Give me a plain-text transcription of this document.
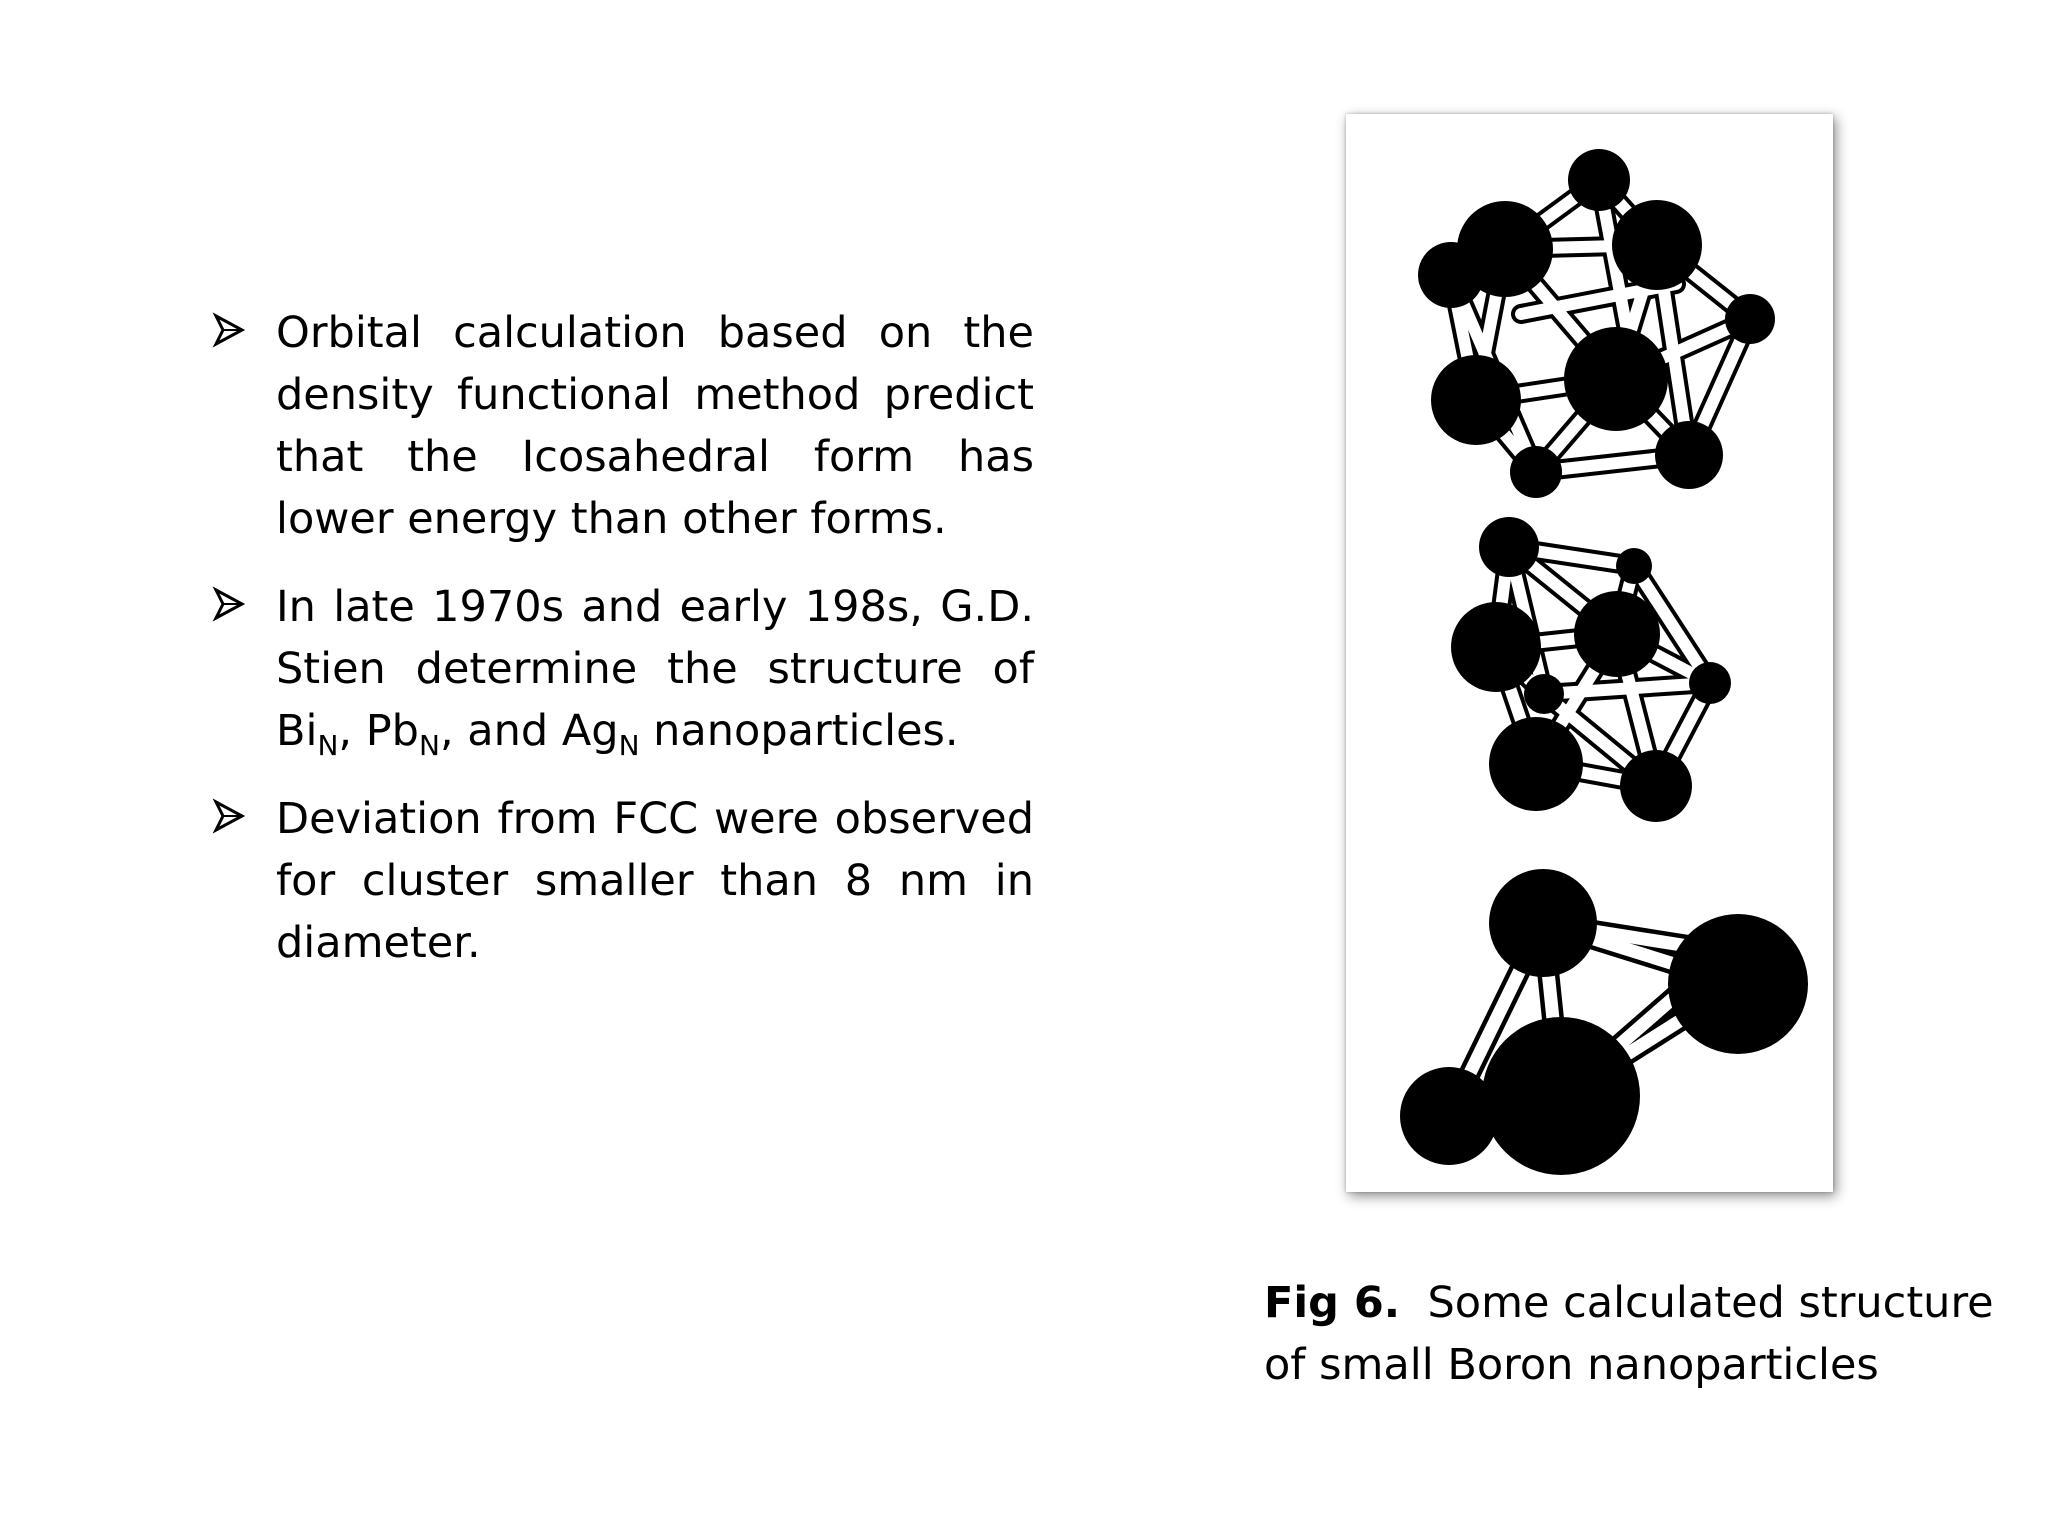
Orbital calculation based on the density functional method predict that the Icosahedral form has lower energy than other forms.
In late 1970s and early 198s, G.D. Stien determine the structure of $Bi_N$, $Pb_N$, and $Ag_N$ nanoparticles.
Deviation from FCC were observed for cluster smaller than 8 nm in diameter.
Fig 6. Some calculated structure of small Boron nanoparticles
